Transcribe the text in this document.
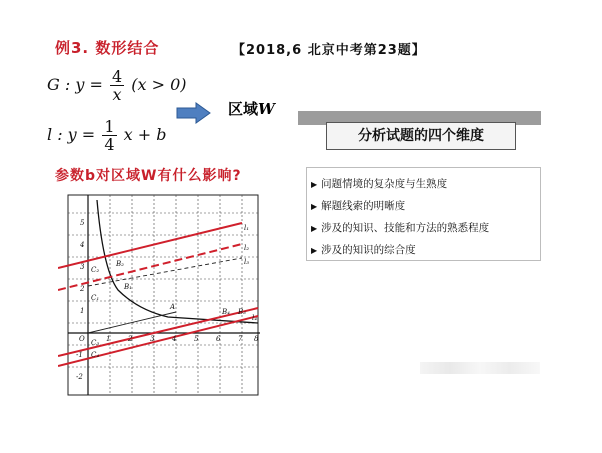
例3. 数形结合	【2018,6 北京中考第23题】
G : $y = \frac{4}{x} (x > 0)$
l : $y = \frac{1}{4}$ x + b
区域W
参数b对区域W有什么影响?
1	2	3	4	5	6	7 8
5
4
3
2
1
-1
-2
O
B₂
B₁
C₂
C₁
C₃
C₄
A
B₄ B₃
l₁
l₂
l₃
l₄
分析试题的四个维度
▶ 问题情境的复杂度与生熟度
▶ 解题线索的明晰度
▶ 涉及的知识、技能和方法的熟悉程度
▶ 涉及的知识的综合度
